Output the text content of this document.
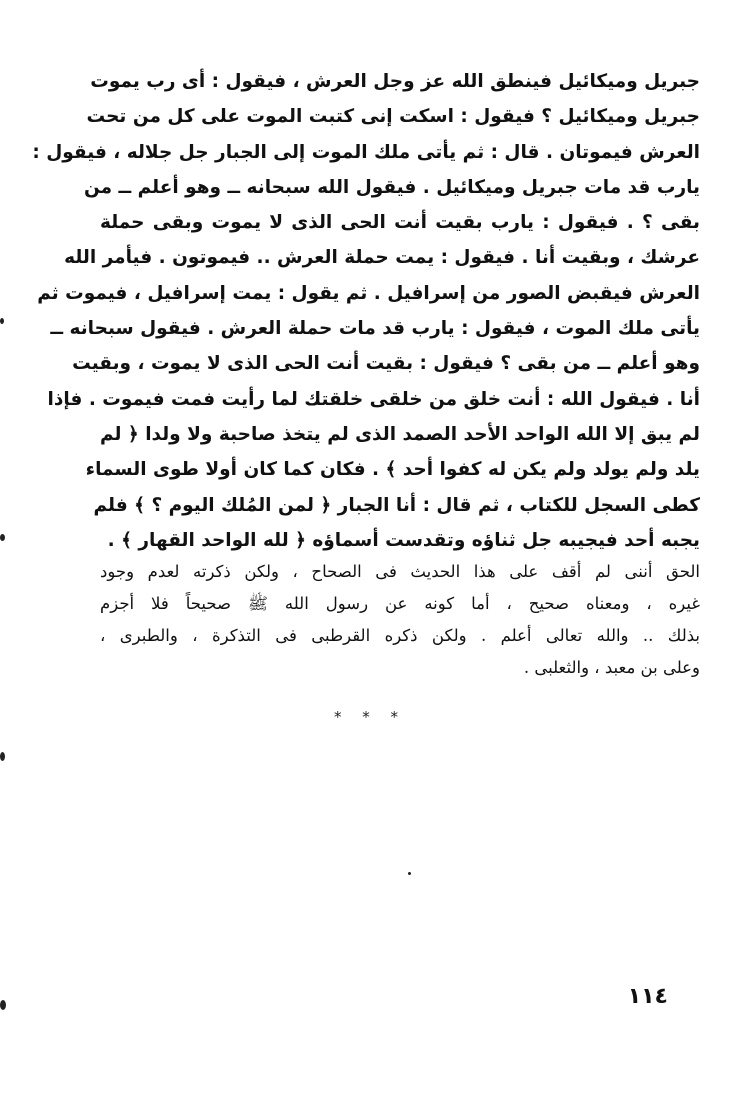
جبريل وميكائيل فينطق الله عز وجل العرش ، فيقول : أى رب يموت
جبريل وميكائيل ؟ فيقول : اسكت إنى كتبت الموت على كل من تحت
العرش فيموتان . قال : ثم يأتى ملك الموت إلى الجبار جل جلاله ، فيقول :
يارب قد مات جبريل وميكائيل . فيقول الله سبحانه ــ وهو أعلم ــ من
بقى ؟ . فيقول : يارب بقيت أنت الحى الذى لا يموت وبقى حملة
عرشك ، وبقيت أنا . فيقول : يمت حملة العرش .. فيموتون . فيأمر الله
العرش فيقبض الصور من إسرافيل . ثم يقول : يمت إسرافيل ، فيموت ثم
يأتى ملك الموت ، فيقول : يارب قد مات حملة العرش . فيقول سبحانه ــ
وهو أعلم ــ من بقى ؟ فيقول : بقيت أنت الحى الذى لا يموت ، وبقيت
أنا . فيقول الله : أنت خلق من خلقى خلقتك لما رأيت فمت فيموت . فإذا
لم يبق إلا الله الواحد الأحد الصمد الذى لم يتخذ صاحبة ولا ولدا ﴿ لم
يلد ولم يولد ولم يكن له كفوا أحد ﴾ . فكان كما كان أولا طوى السماء
كطى السجل للكتاب ، ثم قال : أنا الجبار ﴿ لمن المُلك اليوم ؟ ﴾ فلم
يجبه أحد فيجيبه جل ثناؤه وتقدست أسماؤه ﴿ لله الواحد القهار ﴾ .
الحق أننى لم أقف على هذا الحديث فى الصحاح ، ولكن ذكرته لعدم وجود
غيره ، ومعناه صحيح ، أما كونه عن رسول الله ﷺ صحيحاً فلا أجزم
بذلك .. والله تعالى أعلم . ولكن ذكره القرطبى فى التذكرة ، والطبرى ،
وعلى بن معبد ، والثعلبى .
* * *
١١٤
